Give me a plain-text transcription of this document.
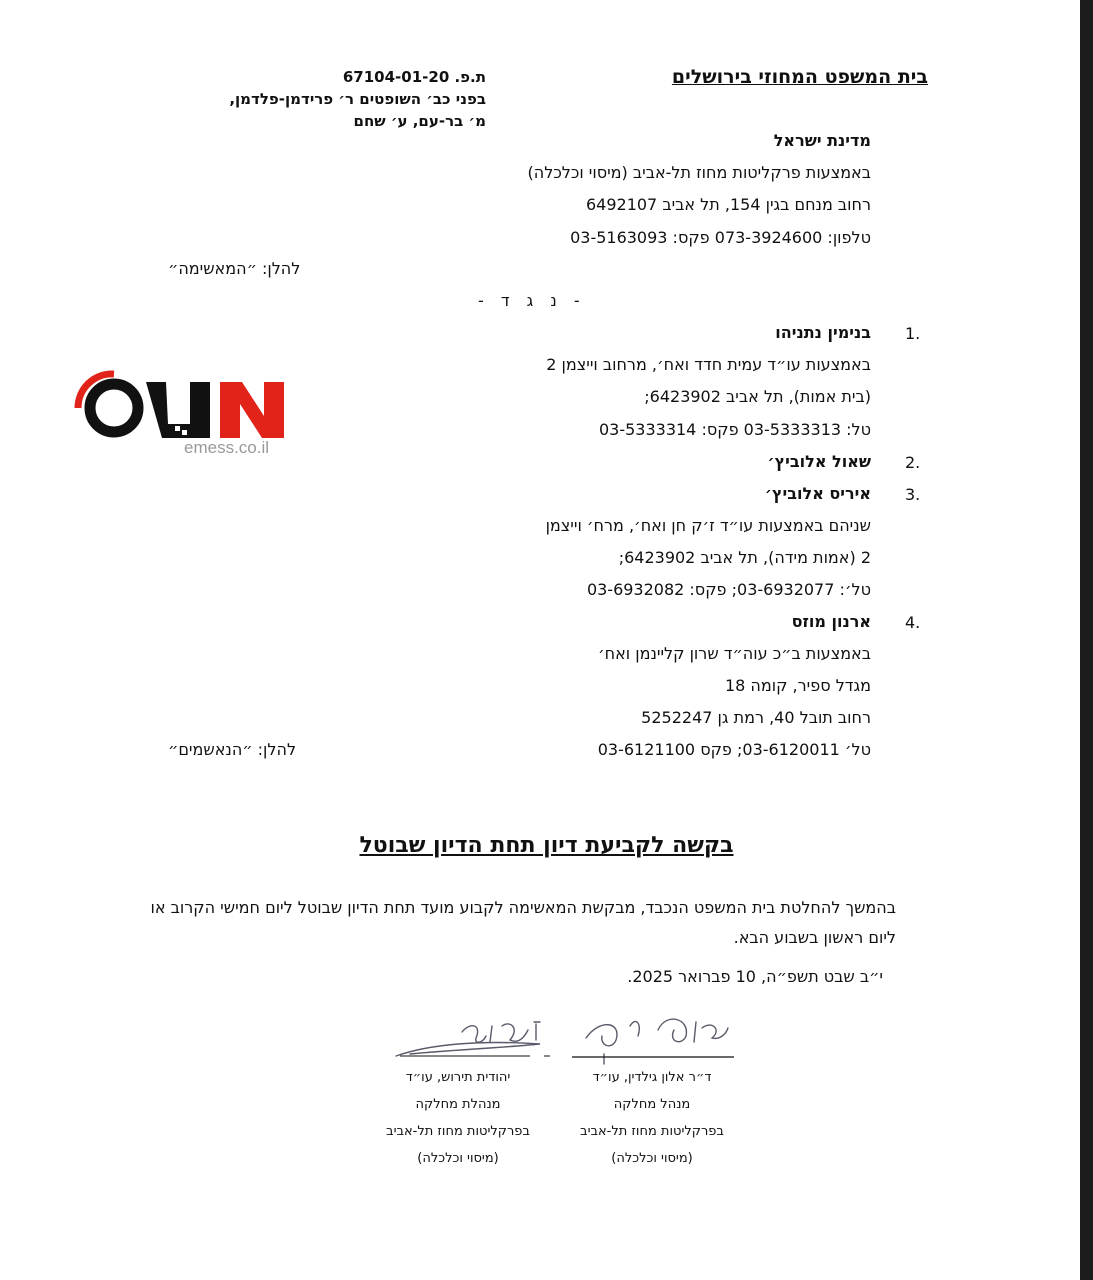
בית המשפט המחוזי בירושלים
ת.פ. 67104-01-20
בפני כב׳ השופטים ר׳ פרידמן-פלדמן,
מ׳ בר-עם, ע׳ שחם
מדינת ישראל
באמצעות פרקליטות מחוז תל-אביב (מיסוי וכלכלה)
רחוב מנחם בגין 154, תל אביב 6492107
טלפון: 073-3924600 פקס: 03-5163093
להלן: ״המאשימה״
- נ ג ד -
1.
בנימין נתניהו
באמצעות עו״ד עמית חדד ואח׳, מרחוב וייצמן 2
(בית אמות), תל אביב 6423902;
טל: 03-5333313 פקס: 03-5333314
2.
שאול אלוביץ׳
3.
איריס אלוביץ׳
שניהם באמצעות עו״ד ז׳ק חן ואח׳, מרח׳ וייצמן
2 (אמות מידה), תל אביב 6423902;
טל׳: 03-6932077; פקס: 03-6932082
4.
ארנון מוזס
באמצעות ב״כ עוה״ד שרון קליינמן ואח׳
מגדל ספיר, קומה 18
רחוב תובל 40, רמת גן 5252247
טל׳ 03-6120011; פקס 03-6121100
להלן: ״הנאשמים״
בקשה לקביעת דיון תחת הדיון שבוטל
בהמשך להחלטת בית המשפט הנכבד, מבקשת המאשימה לקבוע מועד תחת הדיון שבוטל ליום חמישי הקרוב או ליום ראשון בשבוע הבא.
י״ב שבט תשפ״ה, 10 פברואר 2025.
ד״ר אלון גילדין, עו״ד
מנהל מחלקה
בפרקליטות מחוז תל-אביב
(מיסוי וכלכלה)
יהודית תירוש, עו״ד
מנהלת מחלקה
בפרקליטות מחוז תל-אביב
(מיסוי וכלכלה)
emess.co.il
